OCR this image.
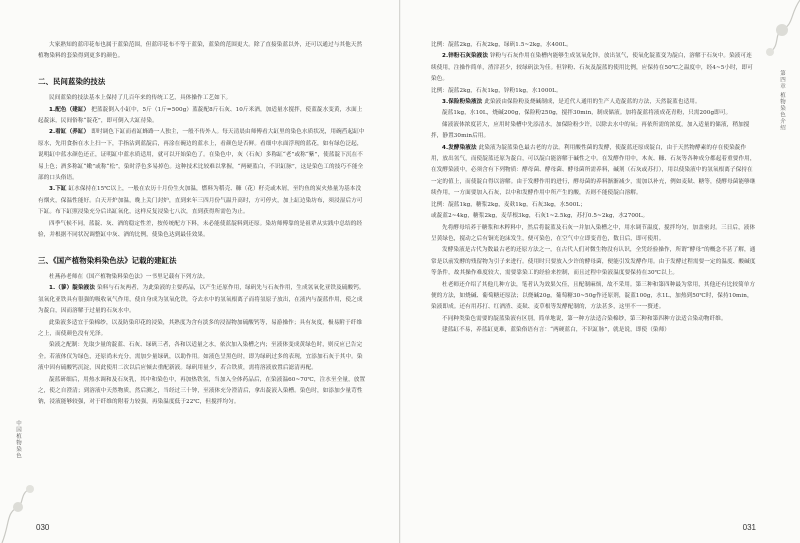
大家熟知的蓝印花布也属于蓝染范围，但蓝印花布不等于蓝染，蓝染的范围更大。除了直接染蓝以外，还可以通过与其他天然植物染料的套染得到更多的颜色。

二、民间蓝染的技法

民间蓝染的技法基本上保持了几百年来的传统工艺，具体操作工艺如下。

1.配色（建缸） 把蓝靛倒入小缸中，5斤（1斤=500g）蓝靛配8斤石灰、10斤米酒，加适量水搅拌，使蓝靛水变黄，水面上起靛沫，民间俗称“靛花”，即可倒入大缸待染。

2.看缸（养缸） 即时调色下缸而看缸蜂路一人独主，一般不传外人。每天清晨由师傅看大缸里的染色水质状况，用碗舀起缸中原水，先用食指在水上扫一下，手指沾到蓝靛后，再涂在碗边的蓝水上，看颜色是否鲜。看细中水面浮现的蓝花，如有绿色泛起，说明缸中蓝水颜色还正，证明缸中蓝水质适用，就可以开始染色了。在染色中，灰（石灰）多称缸“老”或称“紫”，使蓝靛下沉在不易上色；酒多称缸“嫩”或称“松”，染时浮色多易掉色。这种技术比较难以掌握，“两硬蓝白，不识缸脉”，这是染色工的技巧不能全部的口头俗语。

3.下缸 缸水保持在15℃以上，一般在农历十月份生火加温，燃料为稻壳、糠（花）籽壳或木屑，至钓鱼的炭火热量为基本没有烟火，保温性能好。白天开炉加温，晚上关门封炉，直到来年三四月份气温升高时，方可停火，加上缸边染坊布，须浸湿后方可下缸。布下缸照浸染充分后出缸氧化，这样反复浸染七八次，直到获得所需色为止。

四季气候不同，蓝靛、灰、酒的稳定性差，按传统配方下料，未必能使蓝靛料到还原。染坊师傅靠的是祖辈从实践中总结的经验，并根据不同状况调整缸中灰、酒的比例，使染色达到最佳效果。

三、《国产植物染料染色法》记载的建缸法

杜燕孙老师在《国产植物染料染色法》一书里记载有下列方法。

1.（蓼）靛染液法 染料与石灰两者，为此染液的主要药品，以产生还原作用，绿矾先与石灰作用，生成氢氧化亚铁及硫酸钙。氢氧化亚铁具有很强的吸收氧气作用，使自身成为氢氧化铁，夺去水中的氢氧根离子而将氢原子放出，在液内与靛蓝作用，使之成为靛白，因而溶解于过量的石灰水中。

此染液多适宜于染棉纱，以及防染印花的浸染，其熟度为含有淡多的浸湿物加硫酸钙等，易游操作；具有灰度，极易附于纤维之上，而使颜色没有光泽。

染液之配制：先取少量的靛蓝、石灰、绿矾三者，各和以适量之水，依次加入染槽之内；至液体变成黄绿色时，则反应已告完全。若液体仅为绿色，还原尚未充分，需加少量绿矾，以助作用。如液色呈黑色时，即为绿矾过多的表现，宜添加石灰于其中。染液中因有硫酸钙沉淀，因此使用二次以后应倾去重配新液。绿矾用量少，若合铁质，需将溶液放置后滤清再配。

靛蓝研细后，用热水调和及石灰乳，其中和染色中，再加热铁氢，当加入全体药品后，在染液温60~70℃，注水至全量，放置之，使之自澄清；到溶液中天然物质，然后测之，当经过三十钟，至液体充分澄清后，拿出靛液入染槽。染色时，如添加少量苛性钠，浸液能够较强，对于纤维的附着力较强，再染温度低于22℃，但搅拌均匀。

中国植物染色
030

比例：靛蓝2kg，石灰2kg，绿矾1.5~2kg，水400L。

2.锌粉石灰染液法 锌粉与石灰作用在染槽内能够生成氢氧化锌，放出氢气，使氧化靛蓝变为靛白，溶解于石灰中。染液可连续使用，注操作简单，渣滓甚少，较绿矾法为佳。但锌粉、石灰及靛蓝的使用比例，应保持在50℃之温度中，经4~5小时，即可染色。

比例：靛蓝2kg，石灰1kg，锌粉1kg，水1000L。

3.保险粉染液法 此染液由保险粉及烧碱制成，是近代人通用的生产人造靛蓝的方法，天然靛蓝也适用。

靛蓝1kg，水10L，烧碱200g，保险粉250g，搅拌30min，制成储液。加将靛蓝将液成花青粉，只需200g即可。

储液液体浓度甚大，应用时染槽中先添清水，加保险粉少许，以除去水中的氧；再依所需的浓度，加入适量的储液，稍加搅拌，静置30min后用。

4.发酵染液法 此染液为靛蓝染色最古老的方法。利用酸性菌的发酵，使靛蓝还原成靛白，由于天然物酵素的存在使染靛作用，放出氢气，而使靛蓝还原为靛白，可以靛白能溶解于碱性之中。在发酵作用中，木灰、糠、石灰等各种成分都起着重要作用，在发酵染液中，必须含有下列物质：酵母菌、酵母菌、酵母菌所需养料，碱剂（石灰或苏打），用以使染液中的氢氧根离子保持在一定的值上，而使靛白得以溶解。由于发酵作用的进行，酵母菌的养料渐渐减少，需加以补充，例如麦麸、糖等，使酵母菌能够继续作用，一方面要加入石灰，以中和发酵作用中所产生的酸，否则不能使靛白溶解。

比例：靛蓝1kg，糖浆2kg，麦麸1kg，石灰3kg，水500L；

或靛蓝2~4kg，糖浆2kg，麦草根3kg，石灰1~2.5kg，苏打0.5~2kg，水2700L。

先将酵母培养于糖浆和木粹料中，然后将靛蓝及石灰一并加入染槽之中，用水调节温度，搅拌均匀，加盖密封。三日后，液体呈黄绿色，搅动之后有铜光泡沫发生，便可染色，在空气中立即变青色，数日后，即可使用。

发酵染液是古代为数最古老的还原方法之一，在古代人们对微生物没有认识，全凭经验操作，所谓“酵母”的概念不甚了解，通常是以前发酵的残留物为引子来进行。使用时只要放入少许的酵母菌，便能引发发酵作用。由于发酵过程需要一定的温度、酸碱度等条件，故其操作难度较大，需要靠染工的经验来控制，而且过程中染液温度要保持在30℃以上。

杜老师还介绍了其他几种方法，笔者认为效果欠佳，且配制麻烦，故不采用。第三种和第四种最为常用，其他还有比较简单方便的方法，如烧碱、葡萄糖还原法；以烧碱20g，葡萄糖30~50g作还原剂，靛蓝100g，水1L，加热到50℃时，保持10min，染液即成。还有用苏打、红酒渣、麦麸、麦草根等发酵配制的，方法甚多，这里不一一赘述。

不同种类染色需要的靛蓝染液有区别，简单地说，第一种方法适合染棉纱，第三种和第四种方法适合染动物纤维。

建蓝缸不易，养蓝缸更难，蓝染俗语有言：“两硬蓝白，不识缸脉”，就是说，即使（染师）

第四章 植物染色介绍
031
